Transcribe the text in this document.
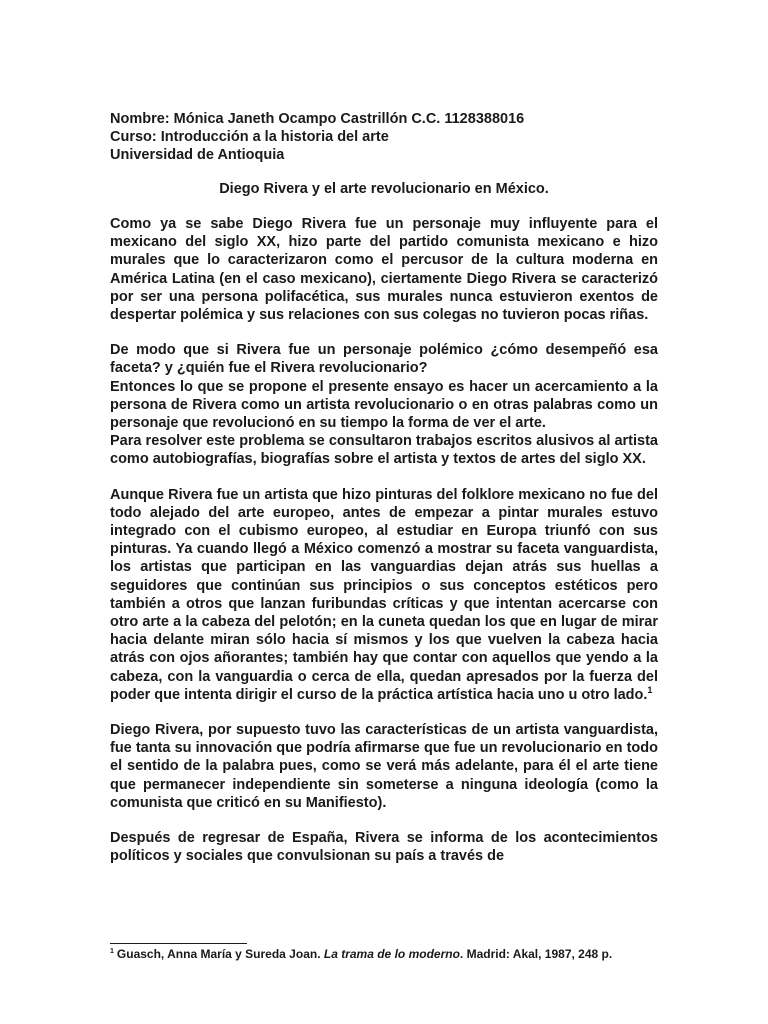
Nombre: Mónica Janeth Ocampo Castrillón C.C. 1128388016

Curso: Introducción a la historia del arte

Universidad de Antioquia

Diego Rivera y el arte revolucionario en México.

Como ya se sabe Diego Rivera fue un personaje muy influyente para el mexicano del siglo XX, hizo parte del partido comunista mexicano e hizo murales que lo caracterizaron como el percusor de la cultura moderna en América Latina (en el caso mexicano), ciertamente Diego Rivera se caracterizó por ser una persona polifacética, sus murales nunca estuvieron exentos de despertar polémica y sus relaciones con sus colegas no tuvieron pocas riñas.

De modo que si Rivera fue un personaje polémico ¿cómo desempeñó esa faceta? y ¿quién fue el Rivera revolucionario?

Entonces lo que se propone el presente ensayo es hacer un acercamiento a la persona de Rivera como un artista revolucionario o en otras palabras como un personaje que revolucionó en su tiempo la forma de ver el arte.

Para resolver este problema se consultaron trabajos escritos alusivos al artista como autobiografías, biografías sobre el artista y textos de artes del siglo XX.

Aunque Rivera fue un artista que hizo pinturas del folklore mexicano no fue del todo alejado del arte europeo, antes de empezar a pintar murales estuvo integrado con el cubismo europeo, al estudiar en Europa triunfó con sus pinturas. Ya cuando llegó a México comenzó a mostrar su faceta vanguardista, los artistas que participan en las vanguardias dejan atrás sus huellas a seguidores que continúan sus principios o sus conceptos estéticos pero también a otros que lanzan furibundas críticas y que intentan acercarse con otro arte a la cabeza del pelotón; en la cuneta quedan los que en lugar de mirar hacia delante miran sólo hacia sí mismos y los que vuelven la cabeza hacia atrás con ojos añorantes; también hay que contar con aquellos que yendo a la cabeza, con la vanguardia o cerca de ella, quedan apresados por la fuerza del poder que intenta dirigir el curso de la práctica artística hacia uno u otro lado.$^1$

Diego Rivera, por supuesto tuvo las características de un artista vanguardista, fue tanta su innovación que podría afirmarse que fue un revolucionario en todo el sentido de la palabra pues, como se verá más adelante, para él el arte tiene que permanecer independiente sin someterse a ninguna ideología (como la comunista que criticó en su Manifiesto).

Después de regresar de España, Rivera se informa de los acontecimientos políticos y sociales que convulsionan su país a través de

$^1$ Guasch, Anna María y Sureda Joan. La trama de lo moderno. Madrid: Akal, 1987, 248 p.
